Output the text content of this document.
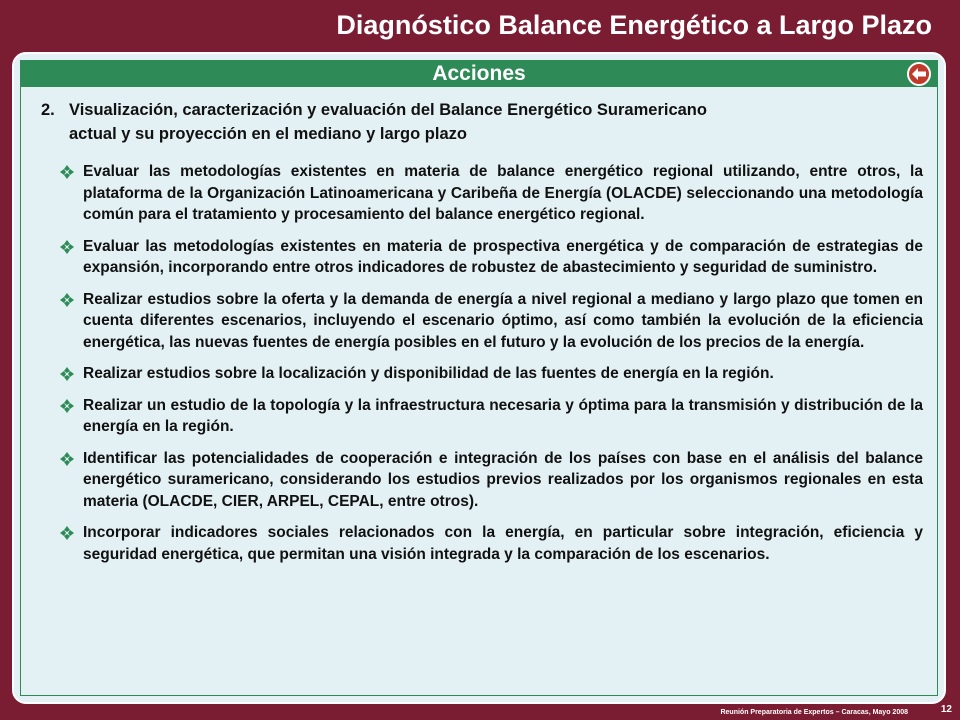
Diagnóstico Balance Energético a Largo Plazo
Acciones
2. Visualización, caracterización y evaluación del Balance Energético Suramericano
actual y su proyección en el mediano y largo plazo
Evaluar las metodologías existentes en materia de balance energético regional utilizando, entre otros, la plataforma de la Organización Latinoamericana y Caribeña de Energía (OLACDE) seleccionando una metodología común para el tratamiento y procesamiento del balance energético regional.
Evaluar las metodologías existentes en materia de prospectiva energética y de comparación de estrategias de expansión, incorporando entre otros indicadores de robustez de abastecimiento y seguridad de suministro.
Realizar estudios sobre la oferta y la demanda de energía a nivel regional a mediano y largo plazo que tomen en cuenta diferentes escenarios, incluyendo el escenario óptimo, así como también la evolución de la eficiencia energética, las nuevas fuentes de energía posibles en el futuro y la evolución de los precios de la energía.
Realizar estudios sobre la localización y disponibilidad de las fuentes de energía en la región.
Realizar un estudio de la topología y la infraestructura necesaria y óptima para la transmisión y distribución de la energía en la región.
Identificar las potencialidades de cooperación e integración de los países con base en el análisis del balance energético suramericano, considerando los estudios previos realizados por los organismos regionales en esta materia (OLACDE, CIER, ARPEL, CEPAL, entre otros).
Incorporar indicadores sociales relacionados con la energía, en particular sobre integración, eficiencia y seguridad energética, que permitan una visión integrada y la comparación de los escenarios.
Reunión Preparatoria de Expertos – Caracas, Mayo 2008	12
